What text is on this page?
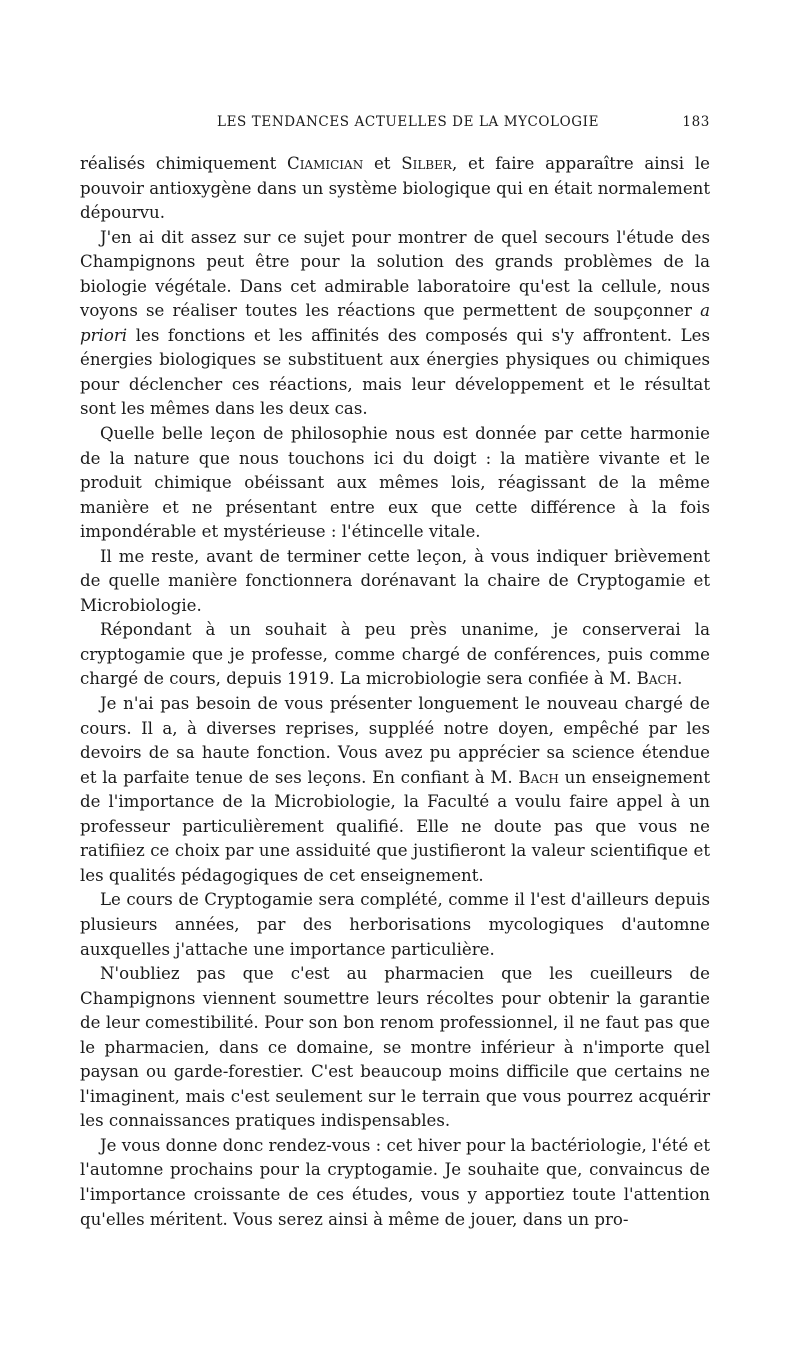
LES TENDANCES ACTUELLES DE LA MYCOLOGIE	183

réalisés chimiquement Ciamician et Silber, et faire apparaître ainsi le pouvoir antioxygène dans un système biologique qui en était normalement dépourvu.

J'en ai dit assez sur ce sujet pour montrer de quel secours l'étude des Champignons peut être pour la solution des grands problèmes de la biologie végétale. Dans cet admirable laboratoire qu'est la cellule, nous voyons se réaliser toutes les réactions que permettent de soupçonner a priori les fonctions et les affinités des composés qui s'y affrontent. Les énergies biologiques se substituent aux énergies physiques ou chimiques pour déclencher ces réactions, mais leur développement et le résultat sont les mêmes dans les deux cas.

Quelle belle leçon de philosophie nous est donnée par cette harmonie de la nature que nous touchons ici du doigt : la matière vivante et le produit chimique obéissant aux mêmes lois, réagissant de la même manière et ne présentant entre eux que cette différence à la fois impondérable et mystérieuse : l'étincelle vitale.

Il me reste, avant de terminer cette leçon, à vous indiquer brièvement de quelle manière fonctionnera dorénavant la chaire de Cryptogamie et Microbiologie.

Répondant à un souhait à peu près unanime, je conserverai la cryptogamie que je professe, comme chargé de conférences, puis comme chargé de cours, depuis 1919. La microbiologie sera confiée à M. Bach.

Je n'ai pas besoin de vous présenter longuement le nouveau chargé de cours. Il a, à diverses reprises, suppléé notre doyen, empêché par les devoirs de sa haute fonction. Vous avez pu apprécier sa science étendue et la parfaite tenue de ses leçons. En confiant à M. Bach un enseignement de l'importance de la Microbiologie, la Faculté a voulu faire appel à un professeur particulièrement qualifié. Elle ne doute pas que vous ne ratifiiez ce choix par une assiduité que justifieront la valeur scientifique et les qualités pédagogiques de cet enseignement.

Le cours de Cryptogamie sera complété, comme il l'est d'ailleurs depuis plusieurs années, par des herborisations mycologiques d'automne auxquelles j'attache une importance particulière.

N'oubliez pas que c'est au pharmacien que les cueilleurs de Champignons viennent soumettre leurs récoltes pour obtenir la garantie de leur comestibilité. Pour son bon renom professionnel, il ne faut pas que le pharmacien, dans ce domaine, se montre inférieur à n'importe quel paysan ou garde-forestier. C'est beaucoup moins difficile que certains ne l'imaginent, mais c'est seulement sur le terrain que vous pourrez acquérir les connaissances pratiques indispensables.

Je vous donne donc rendez-vous : cet hiver pour la bactériologie, l'été et l'automne prochains pour la cryptogamie. Je souhaite que, convaincus de l'importance croissante de ces études, vous y apportiez toute l'attention qu'elles méritent. Vous serez ainsi à même de jouer, dans un pro-
